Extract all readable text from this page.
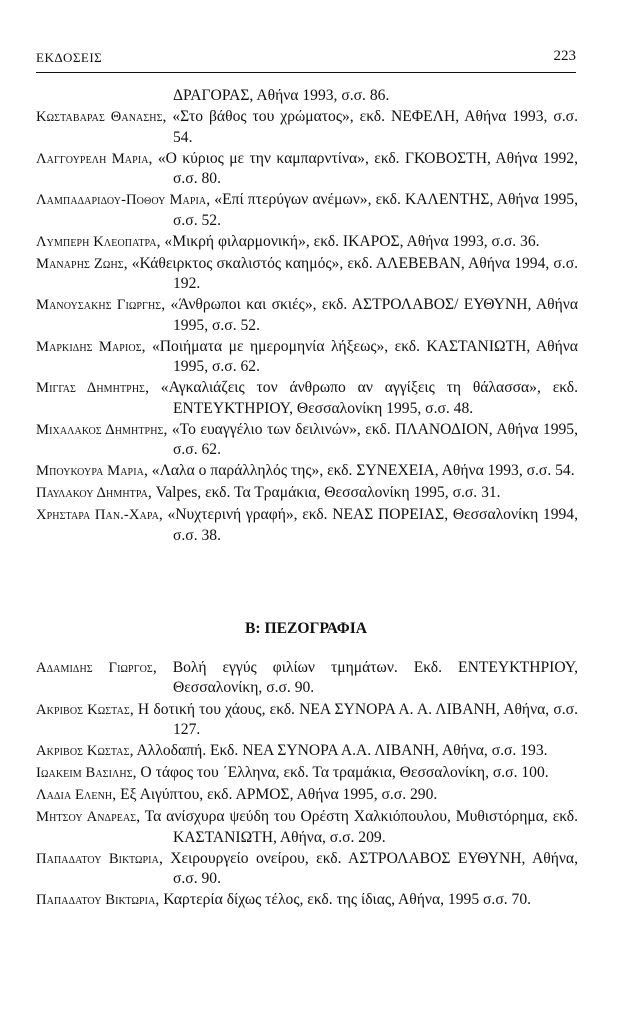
ΕΚΔΟΣΕΙΣ	223

ΔΡΑΓΟΡΑΣ, Αθήνα 1993, σ.σ. 86.

Κωσταβαρασ Θανασησ, «Στο βάθος του χρώματος», εκδ. ΝΕΦΕΛΗ, Αθήνα 1993, σ.σ. 54.

Λαγγουρελη Μαρια, «Ο κύριος με την καμπαρντίνα», εκδ. ΓΚΟΒΟΣΤΗ, Αθήνα 1992, σ.σ. 80.

Λαμπαδαριδου-Ποθου Μαρια, «Επί πτερύγων ανέμων», εκδ. ΚΑΛΕΝΤΗΣ, Αθήνα 1995, σ.σ. 52.

Λυμπερη Κλεοπατρα, «Μικρή φιλαρμονική», εκδ. ΙΚΑΡΟΣ, Αθήνα 1993, σ.σ. 36.

Μαναρησ Ζωησ, «Κάθειρκτος σκαλιστός καημός», εκδ. ΑΛΕΒΕΒΑΝ, Αθήνα 1994, σ.σ. 192.

Μανουσακησ Γιωργησ, «Άνθρωποι και σκιές», εκδ. ΑΣΤΡΟΛΑΒΟΣ/ ΕΥΘΥΝΗ, Αθήνα 1995, σ.σ. 52.

Μαρκιδησ Μαριοσ, «Ποιήματα με ημερομηνία λήξεως», εκδ. ΚΑΣΤΑΝΙΩΤΗ, Αθήνα 1995, σ.σ. 62.

Μιγγασ Δημητρησ, «Αγκαλιάζεις τον άνθρωπο αν αγγίξεις τη θάλασσα», εκδ. ΕΝΤΕΥΚΤΗΡΙΟΥ, Θεσσαλονίκη 1995, σ.σ. 48.

Μιχαλακοσ Δημητρησ, «Το ευαγγέλιο των δειλινών», εκδ. ΠΛΑΝΟΔΙΟΝ, Αθήνα 1995, σ.σ. 62.

Μπουκουρα Μαρια, «Λαλα ο παράλληλός της», εκδ. ΣΥΝΕΧΕΙΑ, Αθήνα 1993, σ.σ. 54.

Παυλακου Δημητρα, Valpes, εκδ. Τα Τραμάκια, Θεσσαλονίκη 1995, σ.σ. 31.

Χρησταρα Παν.-Χαρα, «Νυχτερινή γραφή», εκδ. ΝΕΑΣ ΠΟΡΕΙΑΣ, Θεσσαλονίκη 1994, σ.σ. 38.

Β: ΠΕΖΟΓΡΑΦΙΑ

Αδαμιδησ Γιωργοσ, Βολή εγγύς φιλίων τμημάτων. Εκδ. ΕΝΤΕΥΚΤΗΡΙΟΥ, Θεσσαλονίκη, σ.σ. 90.

Ακριβοσ Κωστασ, Η δοτική του χάους, εκδ. ΝΕΑ ΣΥΝΟΡΑ Α. Α. ΛΙΒΑΝΗ, Αθήνα, σ.σ. 127.

Ακριβοσ Κωστασ, Αλλοδαπή. Εκδ. ΝΕΑ ΣΥΝΟΡΑ Α.Α. ΛΙΒΑΝΗ, Αθήνα, σ.σ. 193.

Ιωακειμ Βασιλησ, Ο τάφος του ΄Ελληνα, εκδ. Τα τραμάκια, Θεσσαλονίκη, σ.σ. 100.

Λαδια Ελενη, Εξ Αιγύπτου, εκδ. ΑΡΜΟΣ, Αθήνα 1995, σ.σ. 290.

Μητσου Ανδρεασ, Τα ανίσχυρα ψεύδη του Ορέστη Χαλκιόπουλου, Μυθιστόρημα, εκδ. ΚΑΣΤΑΝΙΩΤΗ, Αθήνα, σ.σ. 209.

Παπαδατου Βικτωρια, Χειρουργείο ονείρου, εκδ. ΑΣΤΡΟΛΑΒΟΣ ΕΥΘΥΝΗ, Αθήνα, σ.σ. 90.

Παπαδατου Βικτωρια, Καρτερία δίχως τέλος, εκδ. της ίδιας, Αθήνα, 1995 σ.σ. 70.
